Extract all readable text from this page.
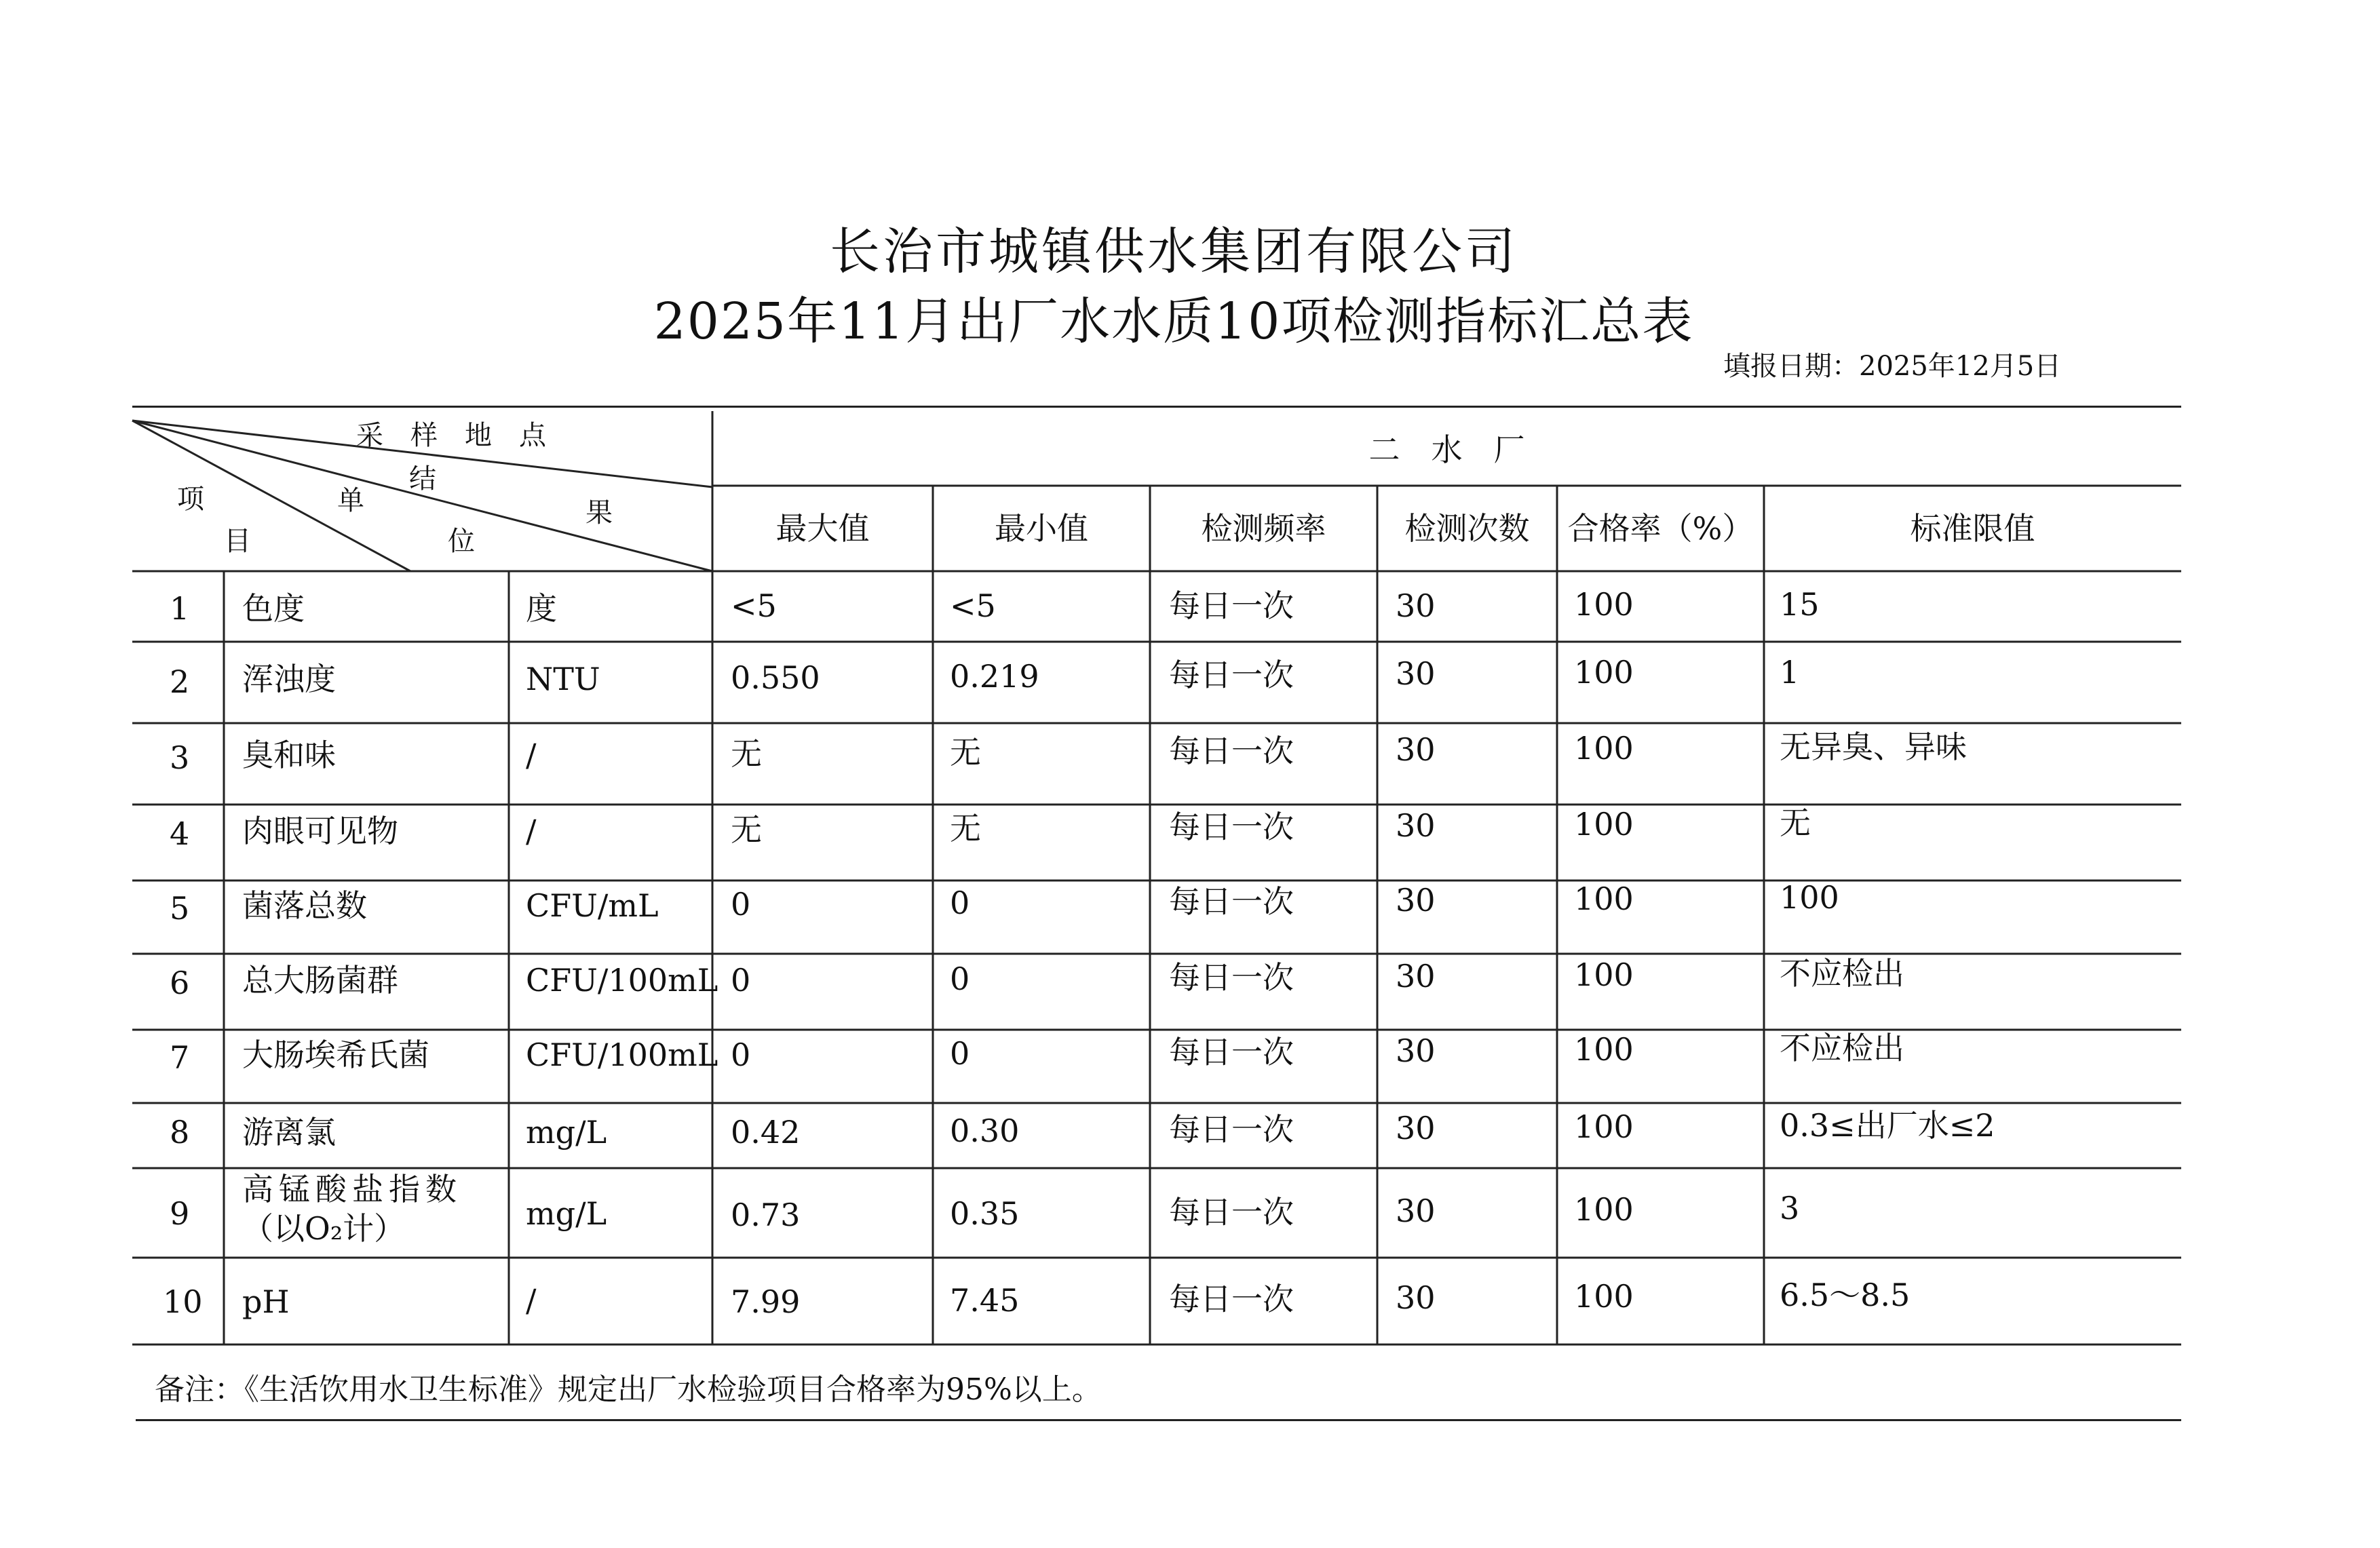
长治市城镇供水集团有限公司
2025年11月出厂水水质10项检测指标汇总表
填报日期：2025年12月5日
采　样　地　点
结
果
单
位
项
目
二　水　厂
最大值	最小值	检测频率	检测次数	合格率（%）	标准限值
1 色度	度	<5	<5	每日一次	30	100	15
2 浑浊度	NTU	0.550	0.219	每日一次	30	100	1
3 臭和味	/	无	无	每日一次	30	100	无异臭、异味
4 肉眼可见物	/	无	无	每日一次	30	100	无
5 菌落总数	CFU/mL 0	0	每日一次	30	100	100
6 总大肠菌群	CFU/100mL 0	0	每日一次	30	100	不应检出
7 大肠埃希氏菌	CFU/100mL 0	0	每日一次	30	100	不应检出
8 游离氯	mg/L	0.42	0.30	每日一次	30	100	0.3≤出厂水≤2
9
高锰酸盐指数
（以O₂计）	mg/L	0.73	0.35	每日一次	30	100	3
10 pH	/	7.99	7.45	每日一次	30	100	6.5～8.5
备注：《生活饮用水卫生标准》规定出厂水检验项目合格率为95%以上。
